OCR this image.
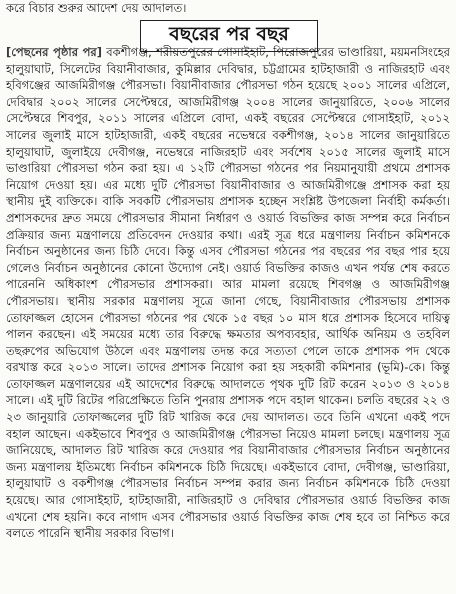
করে বিচার শুরুর আদেশ দেয় আদালত।
বছরের পর বছর
[পেছনের পৃষ্ঠার পর] বকশীগঞ্জ, শরীয়তপুরের গোসাইহাট, পিরোজপুরের ভাণ্ডারিয়া, ময়মনসিংহের হালুয়াঘাট, সিলেটের বিয়ানীবাজার, কুমিল্লার দেবিদ্বার, চট্টগ্রামের হাটহাজারী ও নাজিরহাট এবং হবিগঞ্জের আজমিরীগঞ্জ পৌরসভা। বিয়ানীবাজার পৌরসভা গঠন হয়েছে ২০০১ সালের এপ্রিলে, দেবিদ্বার ২০০২ সালের সেপ্টেম্বরে, আজমিরীগঞ্জ ২০০৪ সালের জানুয়ারিতে, ২০০৬ সালের সেপ্টেম্বরে শিবপুর, ২০১১ সালের এপ্রিলে বোদা, একই বছরের সেপ্টেম্বরে গোসাইহাট, ২০১২ সালের জুলাই মাসে হাটহাজারী, একই বছরের নভেম্বরে বকশীগঞ্জ, ২০১৪ সালের জানুয়ারিতে হালুয়াঘাট, জুলাইয়ে দেবীগঞ্জ, নভেম্বরে নাজিরহাট এবং সর্বশেষ ২০১৫ সালের জুলাই মাসে ভাণ্ডারিয়া পৌরসভা গঠন করা হয়। এ ১২টি পৌরসভা গঠনের পর নিয়মানুযায়ী প্রথমে প্রশাসক নিয়োগ দেওয়া হয়। এর মধ্যে দুটি পৌরসভা বিয়ানীবাজার ও আজমিরীগঞ্জে প্রশাসক করা হয় স্থানীয় দুই ব্যক্তিকে। বাকি সবকটি পৌরসভায় প্রশাসক হচ্ছেন সংশ্লিষ্ট উপজেলা নির্বাহী কর্মকর্তা। প্রশাসকদের দ্রুত সময়ে পৌরসভার সীমানা নির্ধারণ ও ওয়ার্ড বিভক্তির কাজ সম্পন্ন করে নির্বাচন প্রক্রিয়ার জন্য মন্ত্রণালয়ে প্রতিবেদন দেওয়ার কথা। এরই সূত্র ধরে মন্ত্রণালয় নির্বাচন কমিশনকে নির্বাচন অনুষ্ঠানের জন্য চিঠি দেবে। কিন্তু এসব পৌরসভা গঠনের পর বছরের পর বছর পার হয়ে গেলেও নির্বাচন অনুষ্ঠানের কোনো উদ্যোগ নেই। ওয়ার্ড বিভক্তির কাজও এখন পর্যন্ত শেষ করতে পারেননি অধিকাংশ পৌরসভার প্রশাসকরা। আর মামলা রয়েছে শিবগঞ্জ ও আজমিরীগঞ্জ পৌরসভায়। স্থানীয় সরকার মন্ত্রণালয় সূত্রে জানা গেছে, বিয়ানীবাজার পৌরসভায় প্রশাসক তোফাজ্জল হোসেন পৌরসভা গঠনের পর থেকে ১৫ বছর ১০ মাস ধরে প্রশাসক হিসেবে দায়িত্ব পালন করছেন। এই সময়ের মধ্যে তার বিরুদ্ধে ক্ষমতার অপব্যবহার, আর্থিক অনিয়ম ও তহবিল তছরুপের অভিযোগ উঠলে এবং মন্ত্রণালয় তদন্ত করে সত্যতা পেলে তাকে প্রশাসক পদ থেকে বরখাস্ত করে ২০১৩ সালে। তাদের প্রশাসক নিয়োগ করা হয় সহকারী কমিশনার (ভূমি)-কে। কিন্তু তোফাজ্জল মন্ত্রণালয়ের এই আদেশের বিরুদ্ধে আদালতে পৃথক দুটি রিট করেন ২০১৩ ও ২০১৪ সালে। এই দুটি রিটের পরিপ্রেক্ষিতে তিনি পুনরায় প্রশাসক পদে বহাল থাকেন। চলতি বছরের ২২ ও ২৩ জানুয়ারি তোফাজ্জলের দুটি রিট খারিজ করে দেয় আদালত। তবে তিনি এখনো একই পদে বহাল আছেন। একইভাবে শিবপুর ও আজমিরীগঞ্জ পৌরসভা নিয়েও মামলা চলছে। মন্ত্রণালয় সূত্র জানিয়েছে, আদালত রিট খারিজ করে দেওয়ার পর বিয়ানীবাজার পৌরসভার নির্বাচন অনুষ্ঠানের জন্য মন্ত্রণালয় ইতিমধ্যে নির্বাচন কমিশনকে চিঠি দিয়েছে। একইভাবে বোদা, দেবীগঞ্জ, ভাণ্ডারিয়া, হালুয়াঘাট ও বকশীগঞ্জ পৌরসভার নির্বাচন সম্পন্ন করার জন্য নির্বাচন কমিশনকে চিঠি দেওয়া হয়েছে। আর গোসাইহাট, হাটহাজারী, নাজিরহাট ও দেবিদ্বার পৌরসভার ওয়ার্ড বিভক্তির কাজ এখনো শেষ হয়নি। কবে নাগাদ এসব পৌরসভার ওয়ার্ড বিভক্তির কাজ শেষ হবে তা নিশ্চিত করে বলতে পারেনি স্থানীয় সরকার বিভাগ।
